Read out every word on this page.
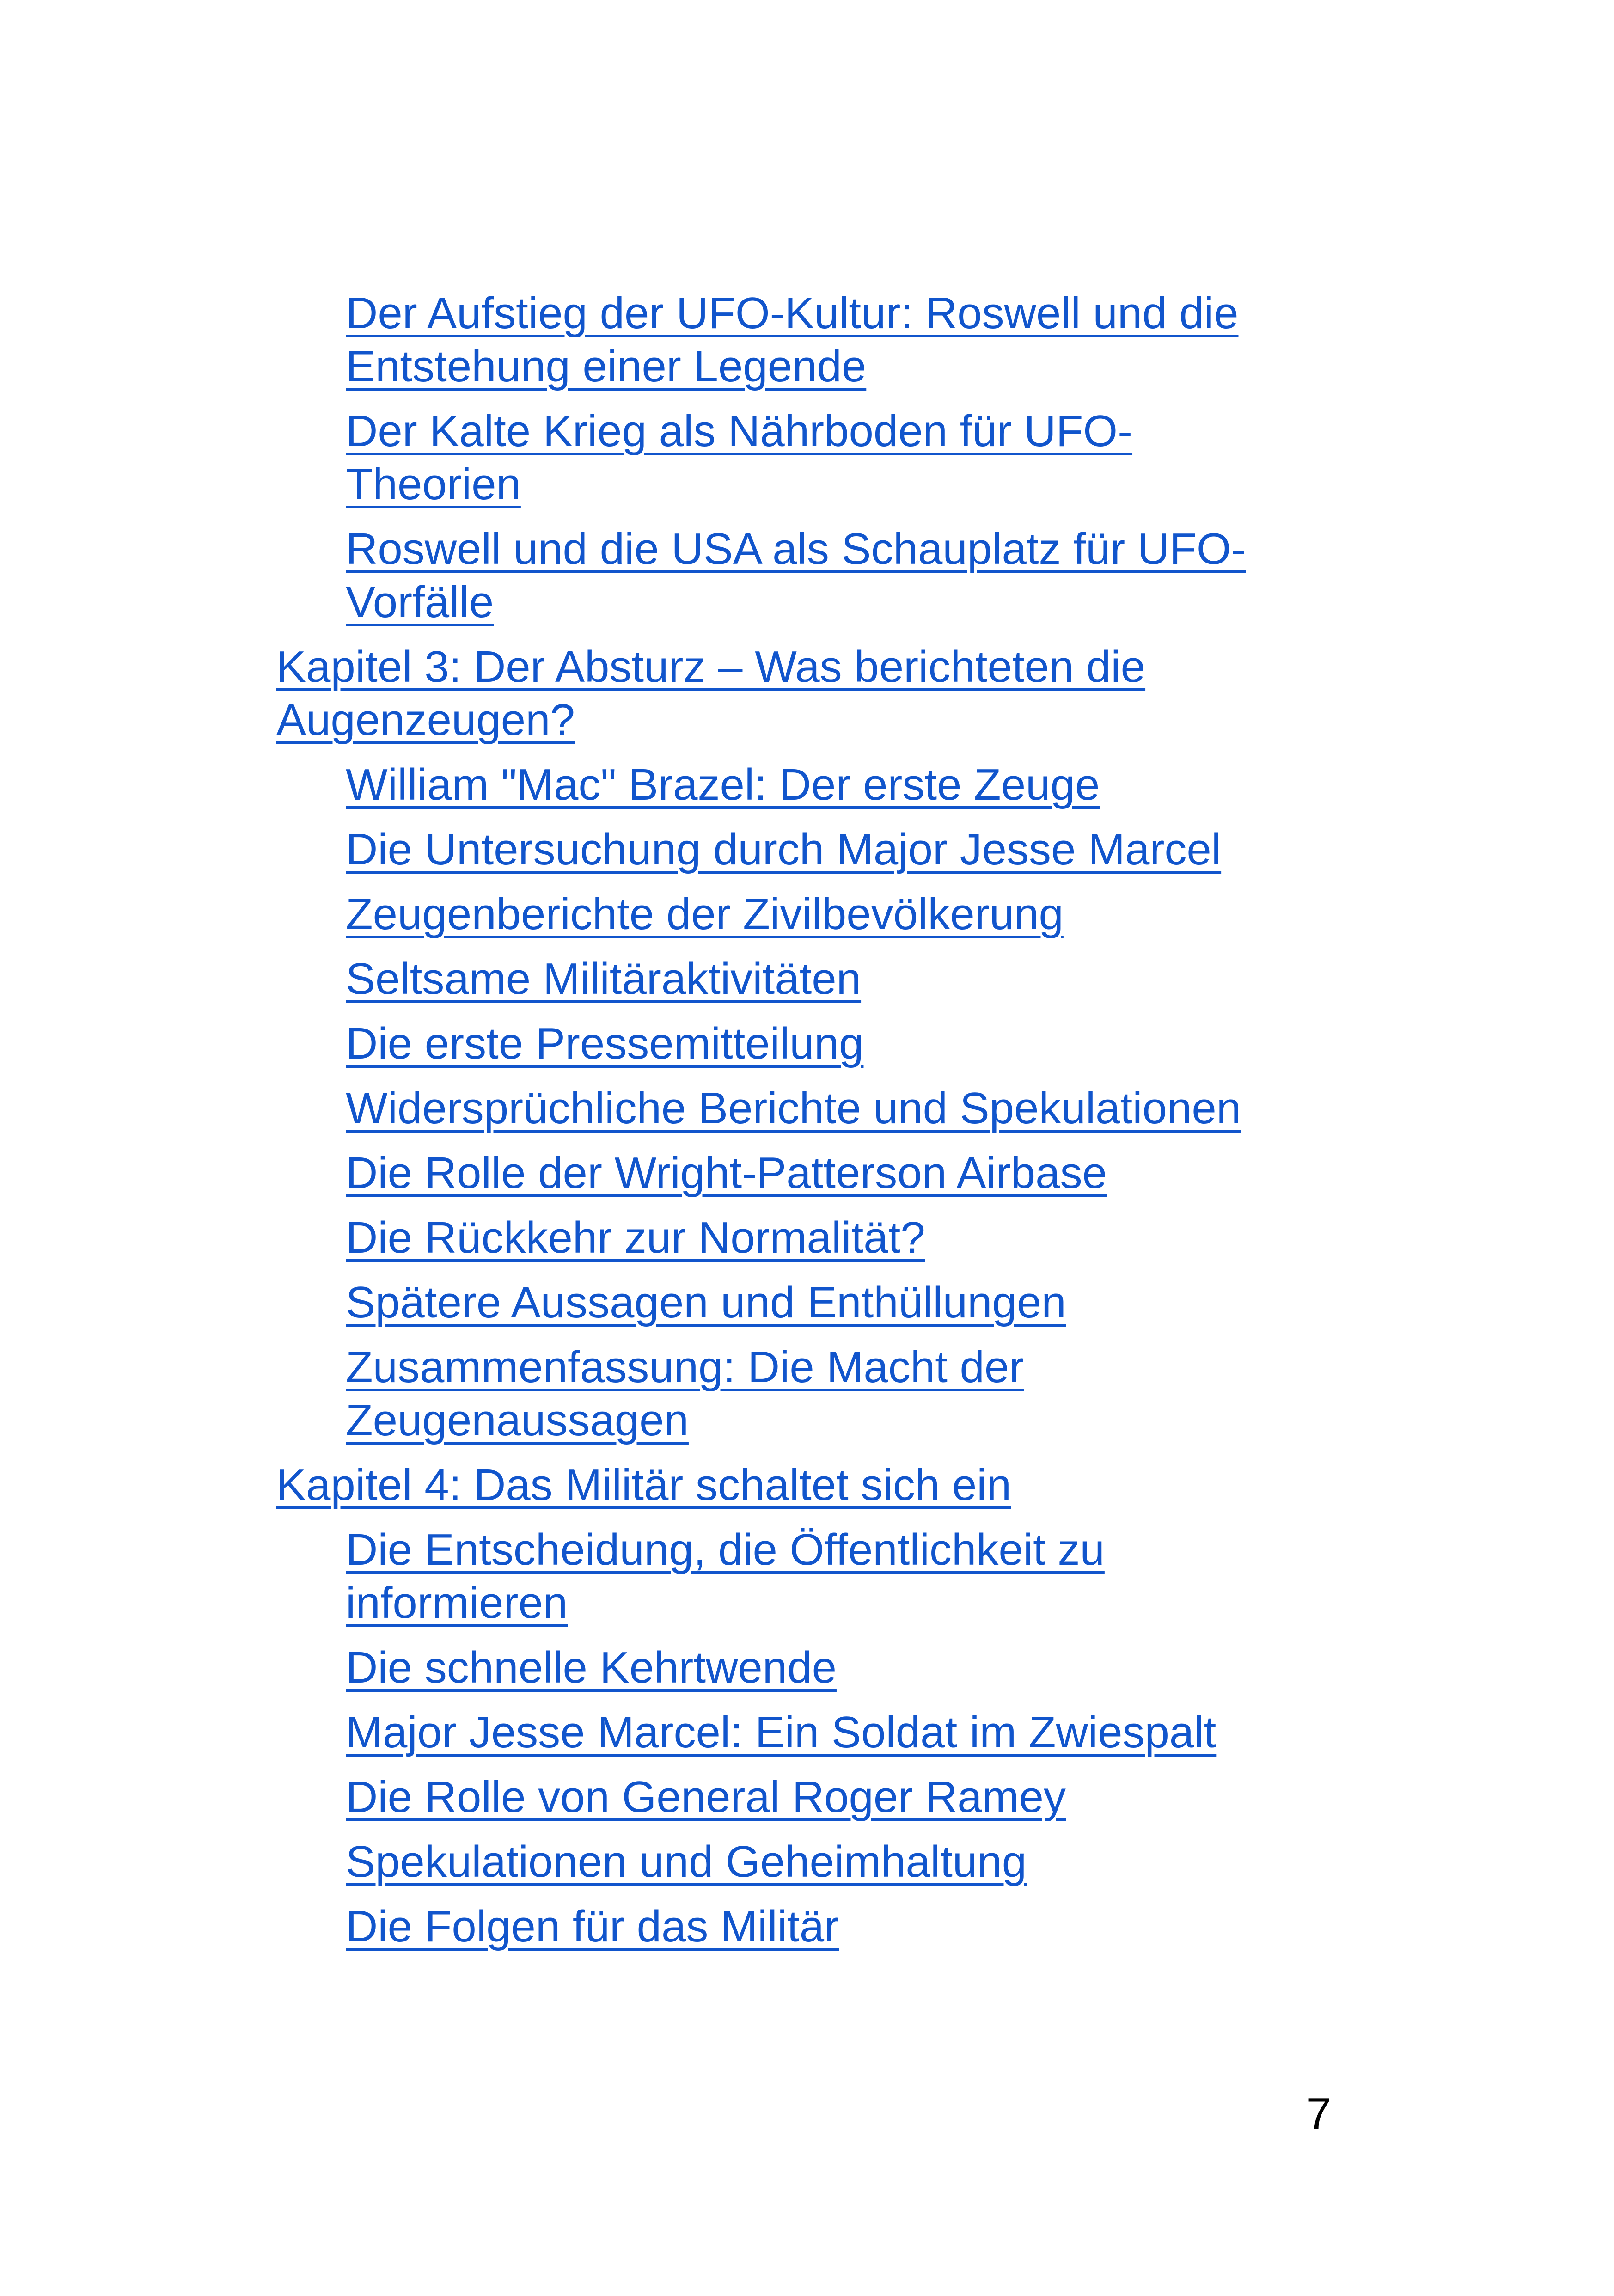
Der Aufstieg der UFO-Kultur: Roswell und die Entstehung einer Legende
Der Kalte Krieg als Nährboden für UFO-Theorien
Roswell und die USA als Schauplatz für UFO-Vorfälle
Kapitel 3: Der Absturz – Was berichteten die Augenzeugen?
William "Mac" Brazel: Der erste Zeuge
Die Untersuchung durch Major Jesse Marcel
Zeugenberichte der Zivilbevölkerung
Seltsame Militäraktivitäten
Die erste Pressemitteilung
Widersprüchliche Berichte und Spekulationen
Die Rolle der Wright-Patterson Airbase
Die Rückkehr zur Normalität?
Spätere Aussagen und Enthüllungen
Zusammenfassung: Die Macht der Zeugenaussagen
Kapitel 4: Das Militär schaltet sich ein
Die Entscheidung, die Öffentlichkeit zu informieren
Die schnelle Kehrtwende
Major Jesse Marcel: Ein Soldat im Zwiespalt
Die Rolle von General Roger Ramey
Spekulationen und Geheimhaltung
Die Folgen für das Militär
7
